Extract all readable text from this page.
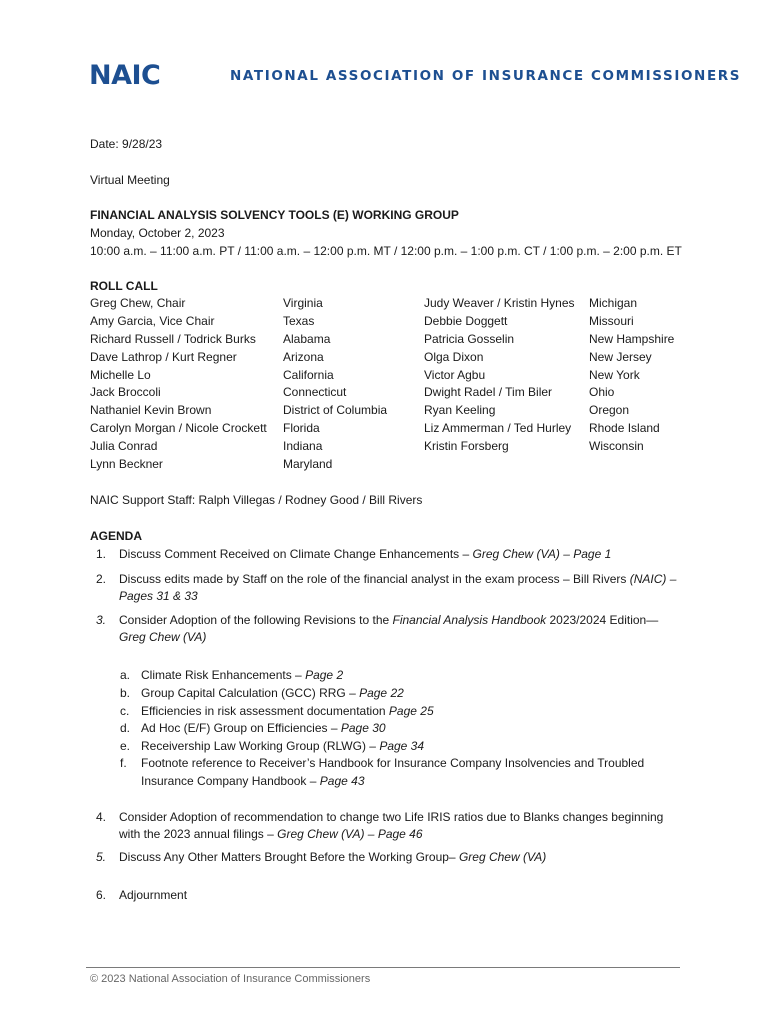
NAIC	NATIONAL ASSOCIATION OF INSURANCE COMMISSIONERS
Date: 9/28/23
Virtual Meeting
FINANCIAL ANALYSIS SOLVENCY TOOLS (E) WORKING GROUP
Monday, October 2, 2023
10:00 a.m. – 11:00 a.m. PT / 11:00 a.m. – 12:00 p.m. MT / 12:00 p.m. – 1:00 p.m. CT / 1:00 p.m. – 2:00 p.m. ET
ROLL CALL
Greg Chew, Chair
Amy Garcia, Vice Chair
Richard Russell / Todrick Burks
Dave Lathrop / Kurt Regner
Michelle Lo
Jack Broccoli
Nathaniel Kevin Brown
Carolyn Morgan / Nicole Crockett
Julia Conrad
Lynn Beckner
Virginia
Texas
Alabama
Arizona
California
Connecticut
District of Columbia
Florida
Indiana
Maryland
Judy Weaver / Kristin Hynes
Debbie Doggett
Patricia Gosselin
Olga Dixon
Victor Agbu
Dwight Radel / Tim Biler
Ryan Keeling
Liz Ammerman / Ted Hurley
Kristin Forsberg
Michigan
Missouri
New Hampshire
New Jersey
New York
Ohio
Oregon
Rhode Island
Wisconsin
NAIC Support Staff: Ralph Villegas / Rodney Good / Bill Rivers
AGENDA
1. Discuss Comment Received on Climate Change Enhancements – Greg Chew (VA) – Page 1
2. Discuss edits made by Staff on the role of the financial analyst in the exam process – Bill Rivers (NAIC) –
Pages 31 & 33
3. Consider Adoption of the following Revisions to the Financial Analysis Handbook 2023/2024 Edition—
Greg Chew (VA)
a. Climate Risk Enhancements – Page 2
b. Group Capital Calculation (GCC) RRG – Page 22
c. Efficiencies in risk assessment documentation Page 25
d. Ad Hoc (E/F) Group on Efficiencies – Page 30
e. Receivership Law Working Group (RLWG) – Page 34
f. Footnote reference to Receiver’s Handbook for Insurance Company Insolvencies and Troubled Insurance Company Handbook – Page 43
4. Consider Adoption of recommendation to change two Life IRIS ratios due to Blanks changes beginning with the 2023 annual filings – Greg Chew (VA) – Page 46
5. Discuss Any Other Matters Brought Before the Working Group– Greg Chew (VA)
6. Adjournment
© 2023 National Association of Insurance Commissioners
